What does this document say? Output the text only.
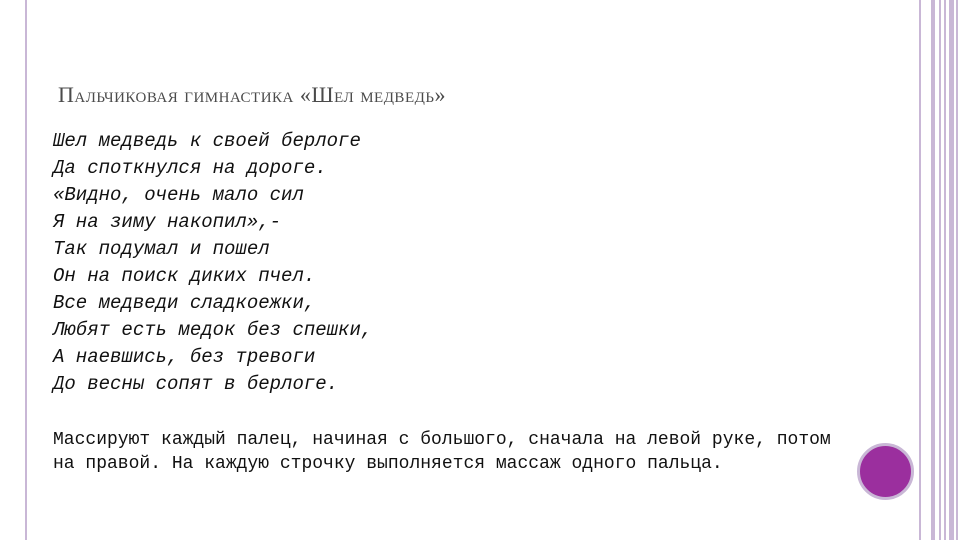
Пальчиковая гимнастика «Шел медведь»
Шел медведь к своей берлоге
Да споткнулся на дороге.
«Видно, очень мало сил
Я на зиму накопил»,-
Так подумал и пошел
Он на поиск диких пчел.
Все медведи сладкоежки,
Любят есть медок без спешки,
А наевшись, без тревоги
До весны сопят в берлоге.

Массируют каждый палец, начиная с большого, сначала на левой руке, потом на правой. На каждую строчку выполняется массаж одного пальца.
